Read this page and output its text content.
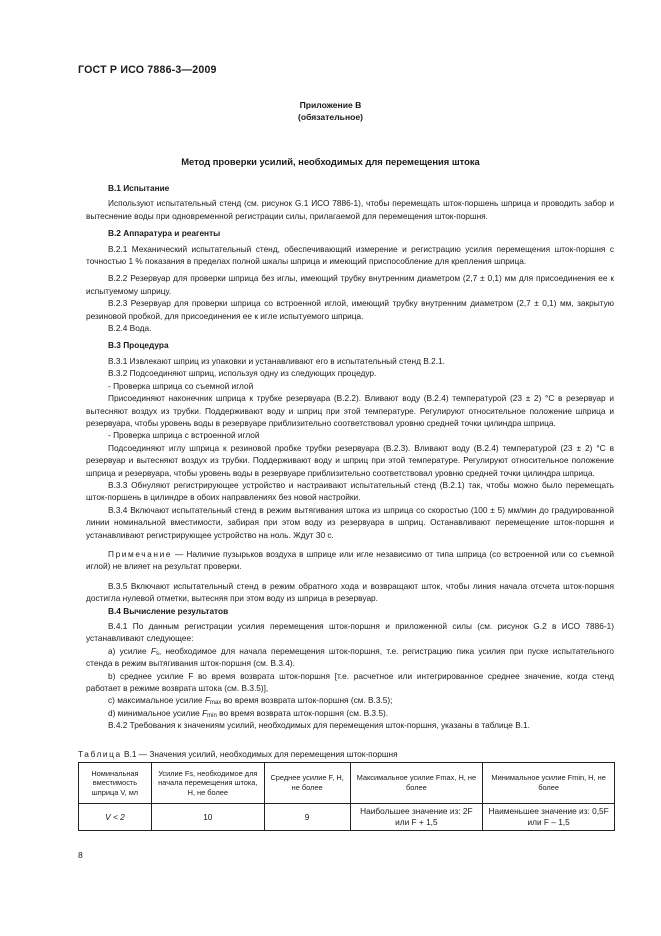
ГОСТ Р ИСО 7886-3—2009
Приложение В
(обязательное)
Метод проверки усилий, необходимых для перемещения штока
В.1 Испытание

Используют испытательный стенд (см. рисунок G.1 ИСО 7886-1), чтобы перемещать шток-поршень шприца и проводить забор и вытеснение воды при одновременной регистрации силы, прилагаемой для перемещения шток-поршня.

В.2 Аппаратура и реагенты

В.2.1 Механический испытательный стенд, обеспечивающий измерение и регистрацию усилия перемещения шток-поршня с точностью 1 % показания в пределах полной шкалы шприца и имеющий приспособление для крепления шприца.

В.2.2 Резервуар для проверки шприца без иглы, имеющий трубку внутренним диаметром (2,7 ± 0,1) мм для присоединения ее к испытуемому шприцу.

В.2.3 Резервуар для проверки шприца со встроенной иглой, имеющий трубку внутренним диаметром (2,7 ± 0,1) мм, закрытую резиновой пробкой, для присоединения ее к игле испытуемого шприца.

В.2.4 Вода.

В.3 Процедура

В.3.1 Извлекают шприц из упаковки и устанавливают его в испытательный стенд В.2.1.

В.3.2 Подсоединяют шприц, используя одну из следующих процедур.

- Проверка шприца со съемной иглой

Присоединяют наконечник шприца к трубке резервуара (В.2.2). Вливают воду (В.2.4) температурой (23 ± 2) °С в резервуар и вытесняют воздух из трубки. Поддерживают воду и шприц при этой температуре. Регулируют относительное положение шприца и резервуара, чтобы уровень воды в резервуаре приблизительно соответствовал уровню средней точки цилиндра шприца.

- Проверка шприца с встроенной иглой

Подсоединяют иглу шприца к резиновой пробке трубки резервуара (В.2.3). Вливают воду (В.2.4) температурой (23 ± 2) °С в резервуар и вытесняют воздух из трубки. Поддерживают воду и шприц при этой температуре. Регулируют относительное положение шприца и резервуара, чтобы уровень воды в резервуаре приблизительно соответствовал уровню средней точки цилиндра шприца.

В.3.3 Обнуляют регистрирующее устройство и настраивают испытательный стенд (В.2.1) так, чтобы можно было перемещать шток-поршень в цилиндре в обоих направлениях без новой настройки.

В.3.4 Включают испытательный стенд в режим вытягивания штока из шприца со скоростью (100 ± 5) мм/мин до градуированной линии номинальной вместимости, забирая при этом воду из резервуара в шприц. Останавливают перемещение шток-поршня и устанавливают регистрирующее устройство на ноль. Ждут 30 с.

Примечание — Наличие пузырьков воздуха в шприце или игле независимо от типа шприца (со встроенной или со съемной иглой) не влияет на результат проверки.

В.3.5 Включают испытательный стенд в режим обратного хода и возвращают шток, чтобы линия начала отсчета шток-поршня достигла нулевой отметки, вытесняя при этом воду из шприца в резервуар.

В.4 Вычисление результатов

В.4.1 По данным регистрации усилия перемещения шток-поршня и приложенной силы (см. рисунок G.2 в ИСО 7886-1) устанавливают следующее:

а) усилие $F_s$, необходимое для начала перемещения шток-поршня, т.е. регистрацию пика усилия при пуске испытательного стенда в режим вытягивания шток-поршня (см. В.3.4).

b) среднее усилие F во время возврата шток-поршня [т.е. расчетное или интегрированное среднее значение, когда стенд работает в режиме возврата штока (см. В.3.5)],

c) максимальное усилие $F_{max}$ во время возврата шток-поршня (см. В.3.5);

d) минимальное усилие $F_{min}$ во время возврата шток-поршня (см. В.3.5).

В.4.2 Требования к значениям усилий, необходимых для перемещения шток-поршня, указаны в таблице В.1.

Таблица В.1 — Значения усилий, необходимых для перемещения шток-поршня
Номинальная вместимость шприца V, мл	Усилие Fs, необходимое для начала перемещения штока, Н, не более	Среднее усилие F, Н, не более	Максимальное усилие Fmax, Н, не более	Минимальное усилие Fmin, Н, не более
V < 2	10	9	Наибольшее значение из: 2F или F + 1,5	Наименьшее значение из: 0,5F или F – 1,5
8
